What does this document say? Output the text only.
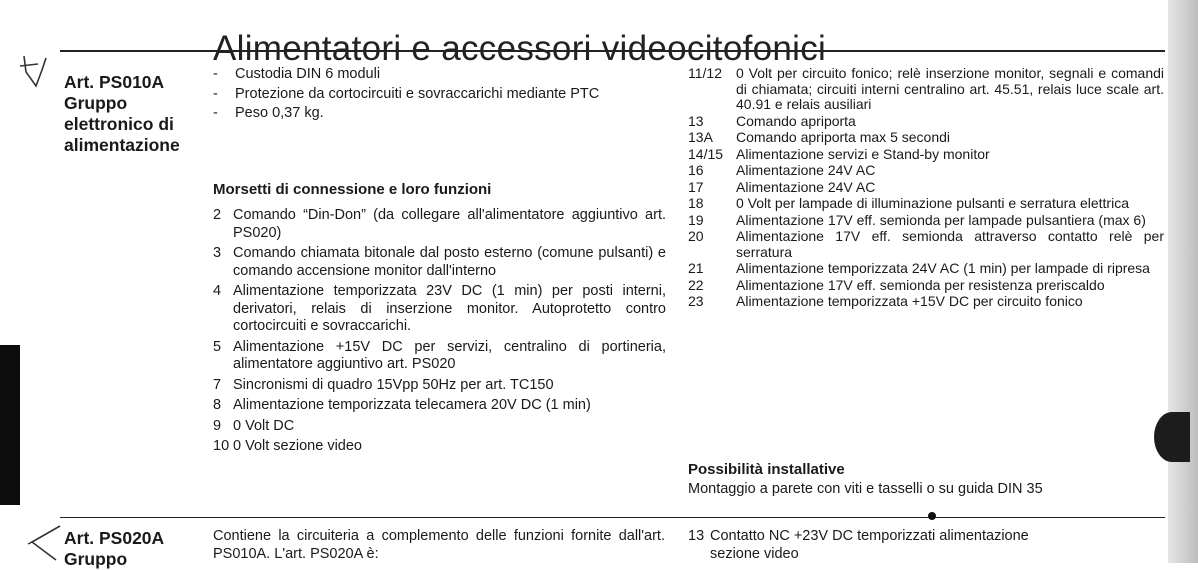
Alimentatori e accessori videocitofonici
Art. PS010A
Gruppo
elettronico di
alimentazione
-	Custodia DIN 6 moduli
-	Protezione da cortocircuiti e sovraccarichi mediante PTC
-	Peso 0,37 kg.
Morsetti di connessione e loro funzioni
2 Comando “Din-Don” (da collegare all'alimentatore aggiuntivo art. PS020)
3 Comando chiamata bitonale dal posto esterno (comune pulsanti) e comando accensione monitor dall'interno
4 Alimentazione temporizzata 23V DC (1 min) per posti interni, derivatori, relais di inserzione monitor. Autoprotetto contro cortocircuiti e sovraccarichi.
5 Alimentazione +15V DC per servizi, centralino di portineria, alimentatore aggiuntivo art. PS020
7 Sincronismi di quadro 15Vpp 50Hz per art. TC150
8 Alimentazione temporizzata telecamera 20V DC (1 min)
9 0 Volt DC
10 0 Volt sezione video
11/12	0 Volt per circuito fonico; relè inserzione monitor, segnali e comandi di chiamata; circuiti interni centralino art. 45.51, relais luce scale art. 40.91 e relais ausiliari
13	Comando apriporta
13A	Comando apriporta max 5 secondi
14/15 Alimentazione servizi e Stand-by monitor
16	Alimentazione 24V AC
17	Alimentazione 24V AC
18	0 Volt per lampade di illuminazione pulsanti e serratura elettrica
19	Alimentazione 17V eff. semionda per lampade pulsantiera (max 6)
20	Alimentazione 17V eff. semionda attraverso contatto relè per serratura
21	Alimentazione temporizzata 24V AC (1 min) per lampade di ripresa
22	Alimentazione 17V eff. semionda per resistenza preriscaldo
23	Alimentazione temporizzata +15V DC per circuito fonico
Possibilità installative
Montaggio a parete con viti e tasselli o su guida DIN 35
Art. PS020A
Gruppo
Contiene la circuiteria a complemento delle funzioni fornite dall'art. PS010A. L'art. PS020A è:
13 Contatto NC +23V DC temporizzati alimentazione
sezione video
